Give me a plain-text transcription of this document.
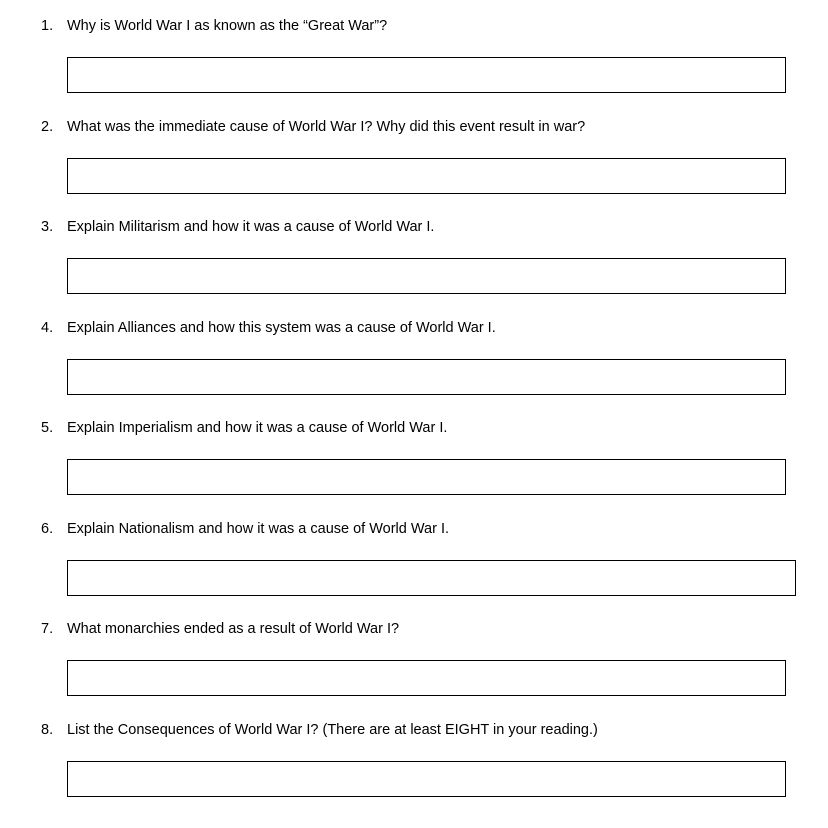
1. Why is World War I as known as the “Great War”?
2. What was the immediate cause of World War I? Why did this event result in war?
3. Explain Militarism and how it was a cause of World War I.
4. Explain Alliances and how this system was a cause of World War I.
5. Explain Imperialism and how it was a cause of World War I.
6. Explain Nationalism and how it was a cause of World War I.
7. What monarchies ended as a result of World War I?
8. List the Consequences of World War I? (There are at least EIGHT in your reading.)
